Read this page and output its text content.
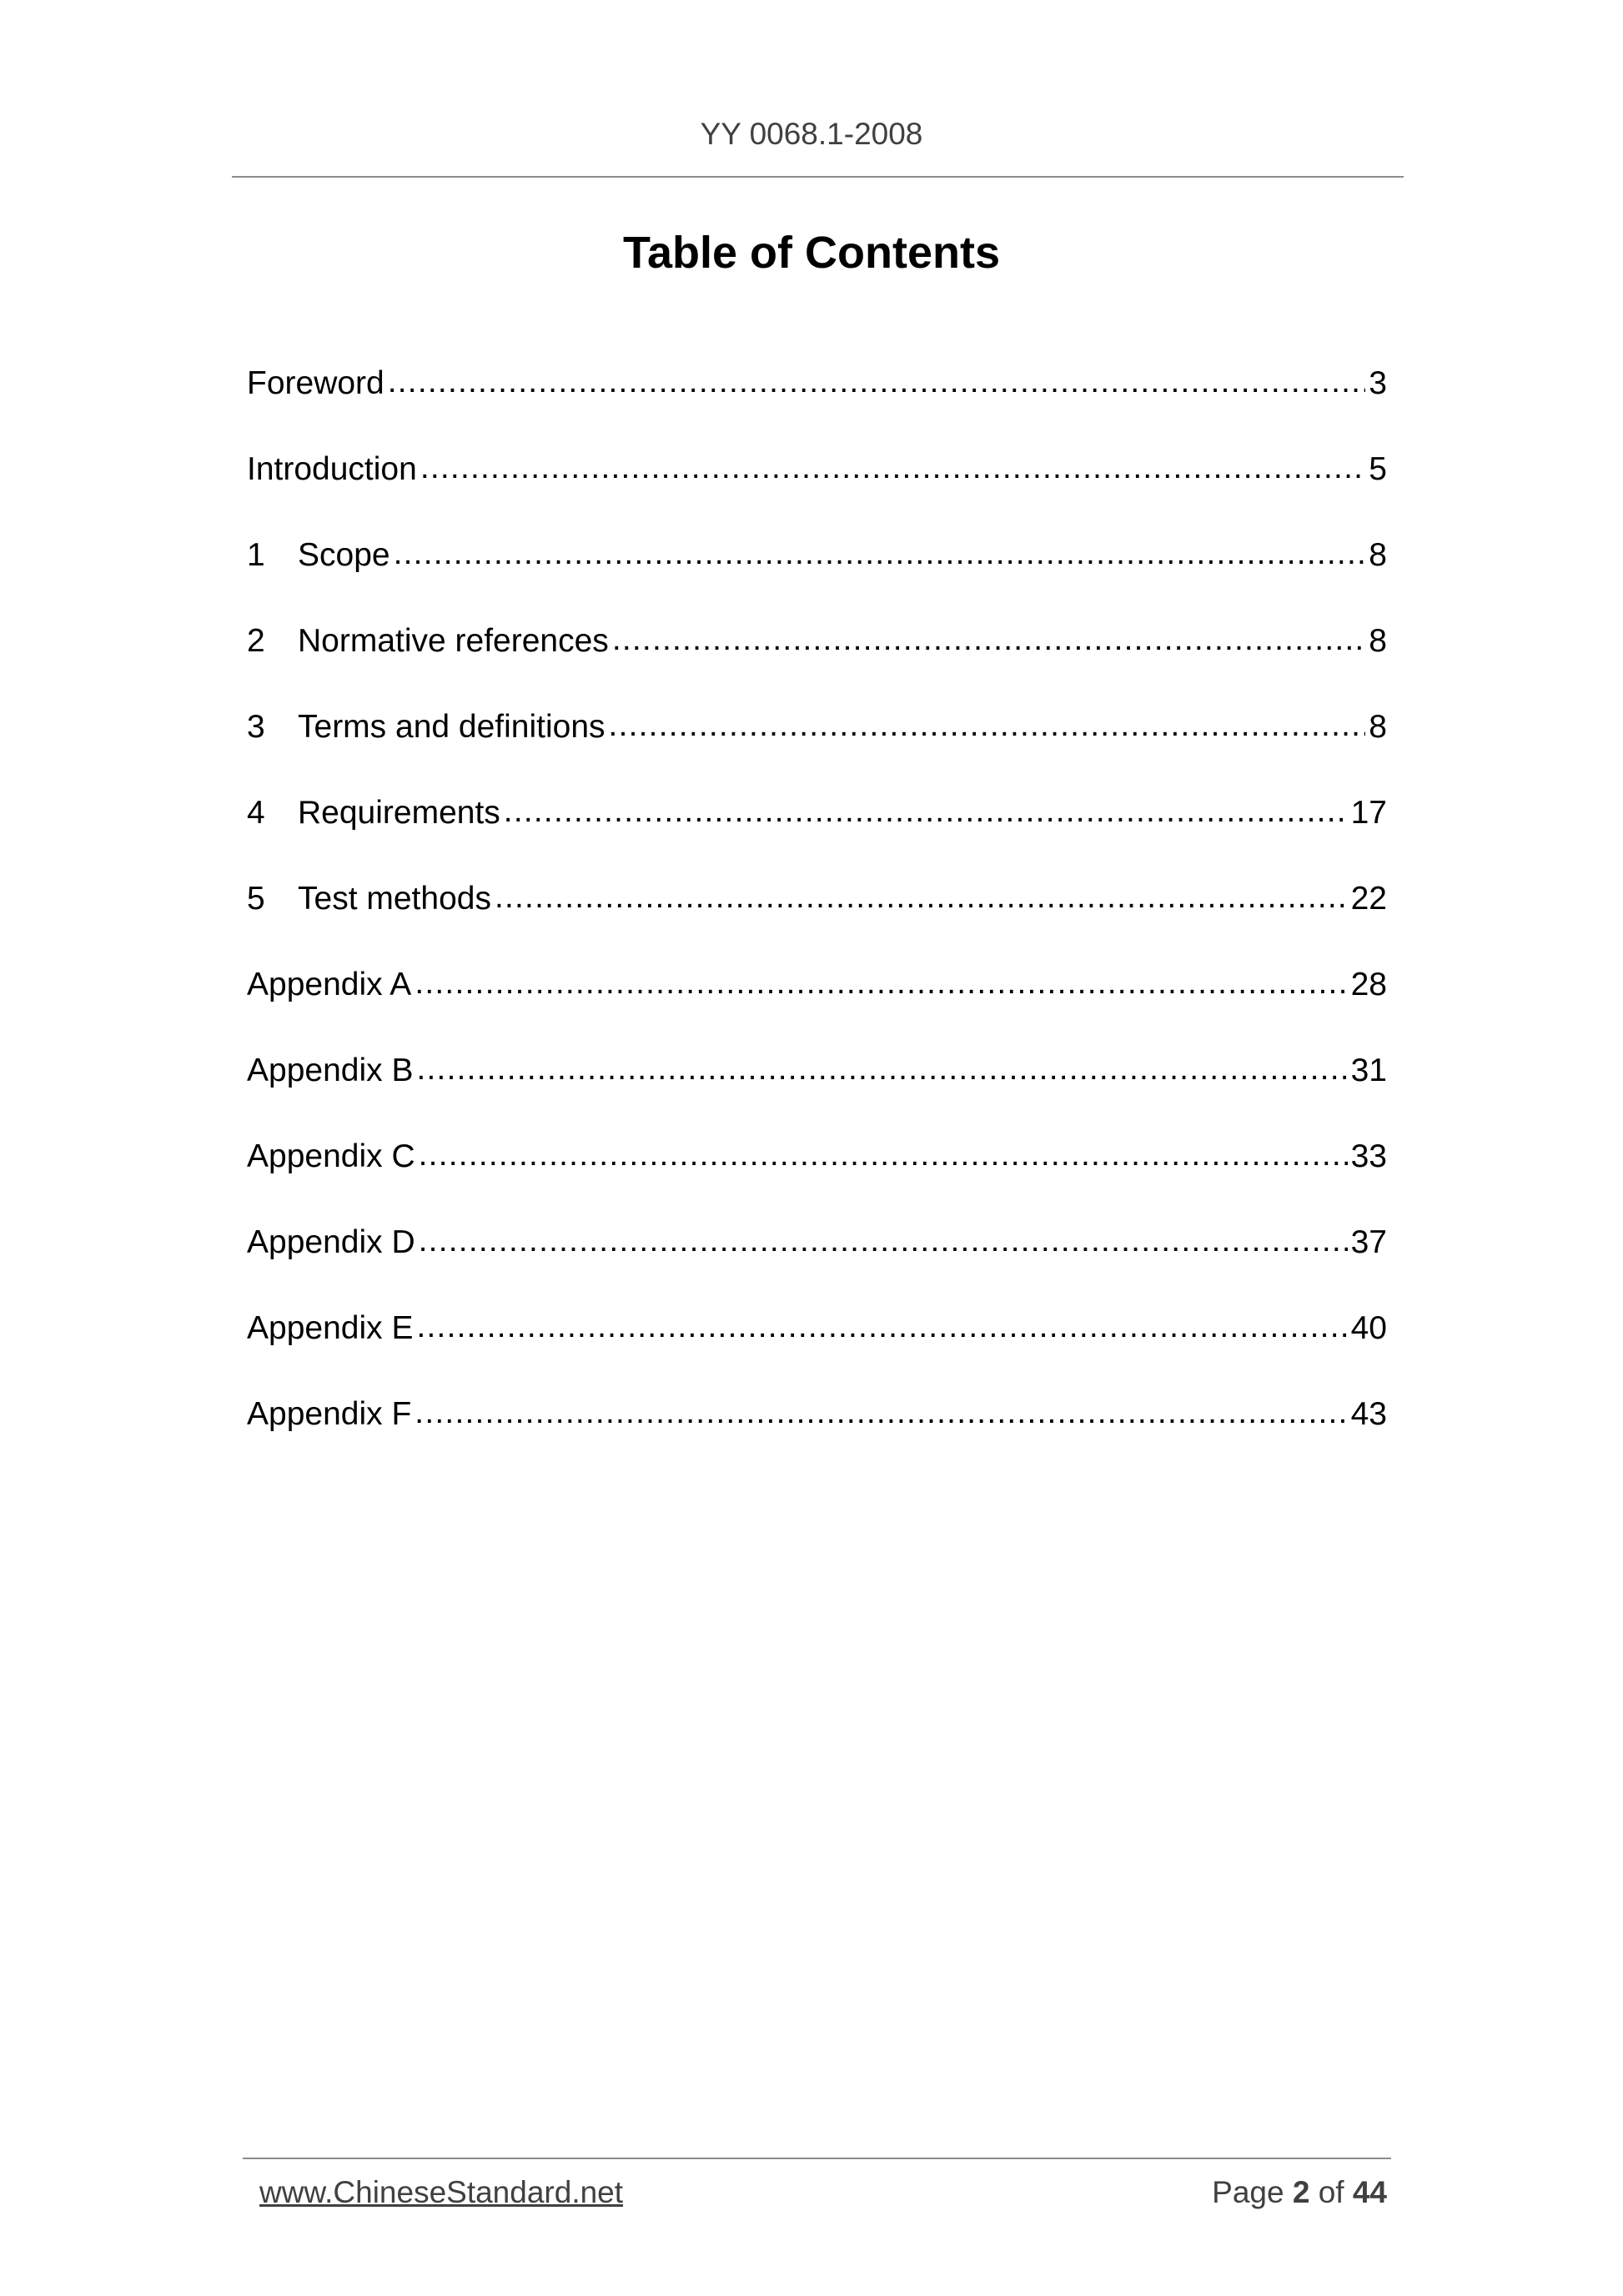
YY 0068.1-2008
Table of Contents
Foreword .....	3
Introduction .....	5
1	Scope .....	8
2	Normative references .....	8
3	Terms and definitions .....	8
4	Requirements .....	17
5	Test methods .....	22
Appendix A .....	28
Appendix B .....	31
Appendix C .....	33
Appendix D .....	37
Appendix E .....	40
Appendix F .....	43
www.ChineseStandard.net	Page 2 of 44
